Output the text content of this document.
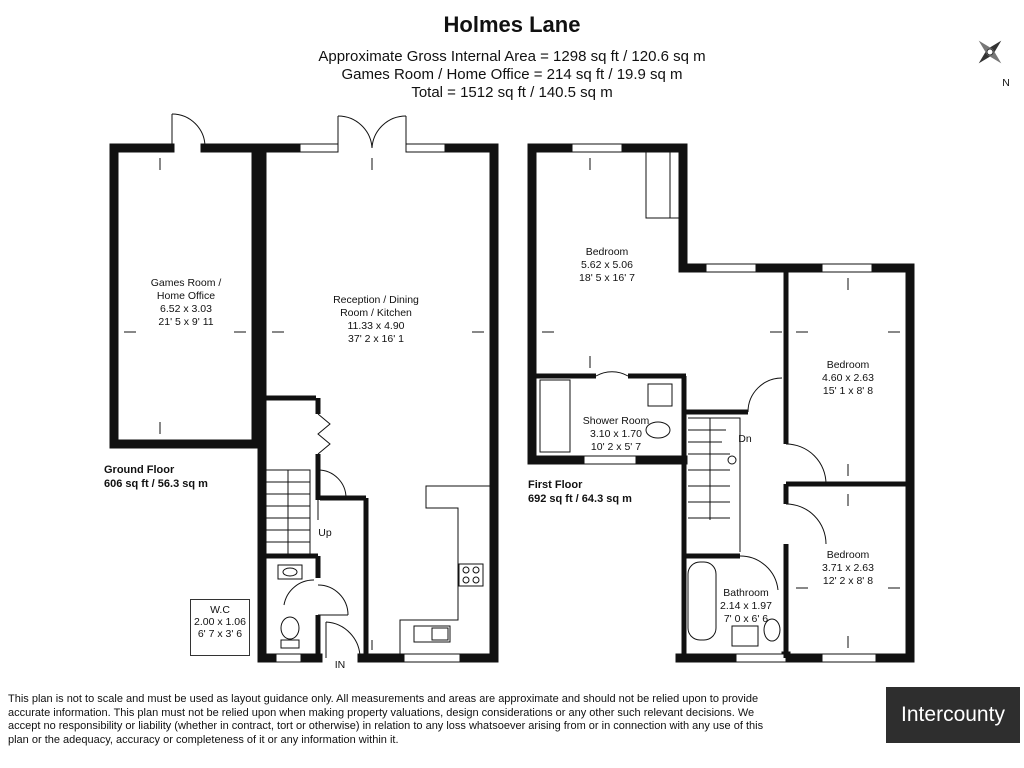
Holmes Lane
Approximate Gross Internal Area = 1298 sq ft / 120.6 sq m
Games Room / Home Office = 214 sq ft / 19.9 sq m
Total = 1512 sq ft / 140.5 sq m
N
Games Room /
Home Office
6.52 x 3.03
21' 5 x 9' 11
Reception / Dining
Room / Kitchen
11.33 x 4.90
37' 2 x 16' 1
Up
IN
Ground Floor
606 sq ft / 56.3 sq m
Bedroom
5.62 x 5.06
18' 5 x 16' 7
Bedroom
4.60 x 2.63
15' 1 x 8' 8
Bedroom
3.71 x 2.63
12' 2 x 8' 8
Shower Room
3.10 x 1.70
10' 2 x 5' 7
Bathroom
2.14 x 1.97
7' 0 x 6' 6
Dn
First Floor
692 sq ft / 64.3 sq m
W.C
2.00 x 1.06
6' 7 x 3' 6
This plan is not to scale and must be used as layout guidance only. All measurements and areas are approximate and should not be relied upon to provide accurate information. This plan must not be relied upon when making property valuations, design considerations or any other such relevant decisions. We accept no responsibility or liability (whether in contract, tort or otherwise) in relation to any loss whatsoever arising from or in connection with any use of this plan or the adequacy, accuracy or completeness of it or any information within it.
Intercounty
